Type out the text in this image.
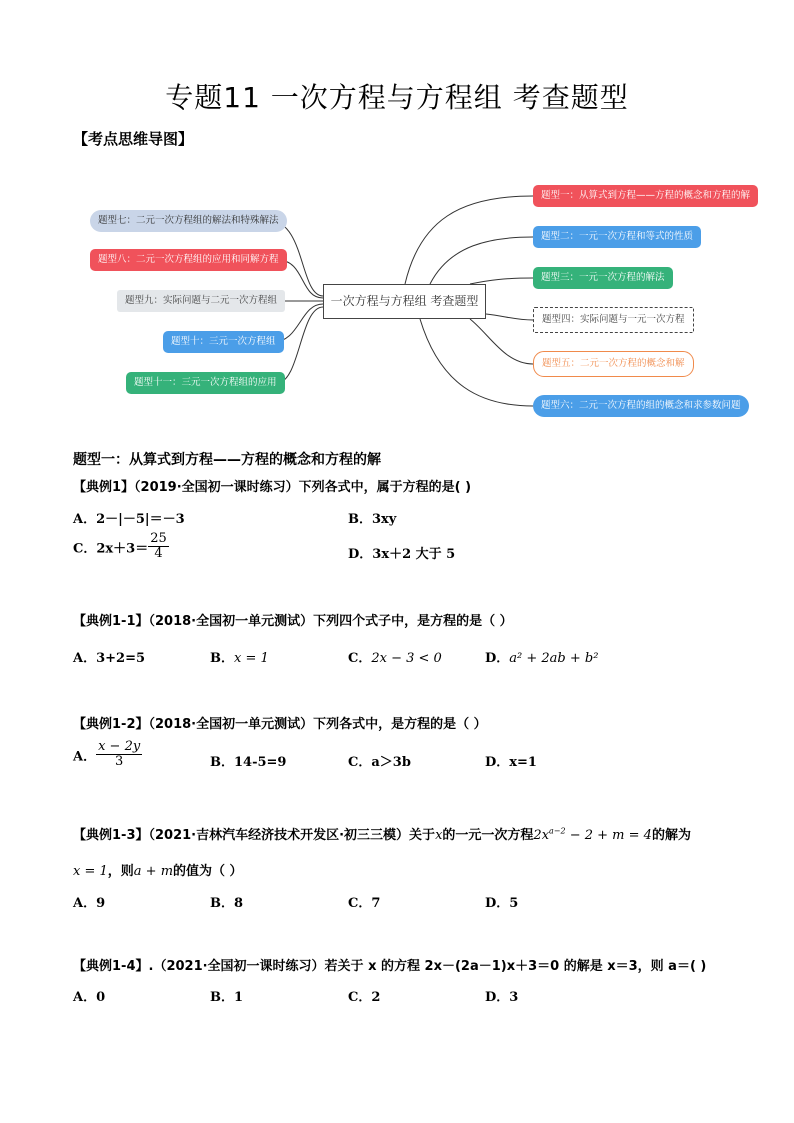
专题11 一次方程与方程组 考查题型
【考点思维导图】
一次方程与方程组 考查题型
题型七：二元一次方程组的解法和特殊解法
题型八：二元一次方程组的应用和同解方程
题型九：实际问题与二元一次方程组
题型十：三元一次方程组
题型十一：三元一次方程组的应用
题型一：从算式到方程——方程的概念和方程的解
题型二：一元一次方程和等式的性质
题型三：一元一次方程的解法
题型四：实际问题与一元一次方程
题型五：二元一次方程的概念和解
题型六：二元一次方程的组的概念和求参数问题
题型一：从算式到方程——方程的概念和方程的解
【典例1】（2019·全国初一课时练习）下列各式中，属于方程的是( )
A．2－|－5|＝－3	B．3xy
C．$2x+3= \frac{25}{4}$	D．3x＋2 大于 5
【典例1-1】（2018·全国初一单元测试）下列四个式子中，是方程的是（ ）
A．3+2=5	B．x = 1	C．2x − 3 < 0	D．a² + 2ab + b²
【典例1-2】（2018·全国初一单元测试）下列各式中，是方程的是（ ）
A． $\frac{x - 2y}{3}$	B．14-5=9	C．a＞3b	D．x=1
【典例1-3】（2021·吉林汽车经济技术开发区·初三三模）关于x的一元一次方程$2x^{a-2} - 2 + m = 4$的解为
x = 1，则a + m的值为（ ）
A．9	B．8	C．7	D．5
【典例1-4】.（2021·全国初一课时练习）若关于 x 的方程 2x－(2a－1)x＋3＝0 的解是 x＝3，则 a＝( )
A．0	B．1	C．2	D．3
